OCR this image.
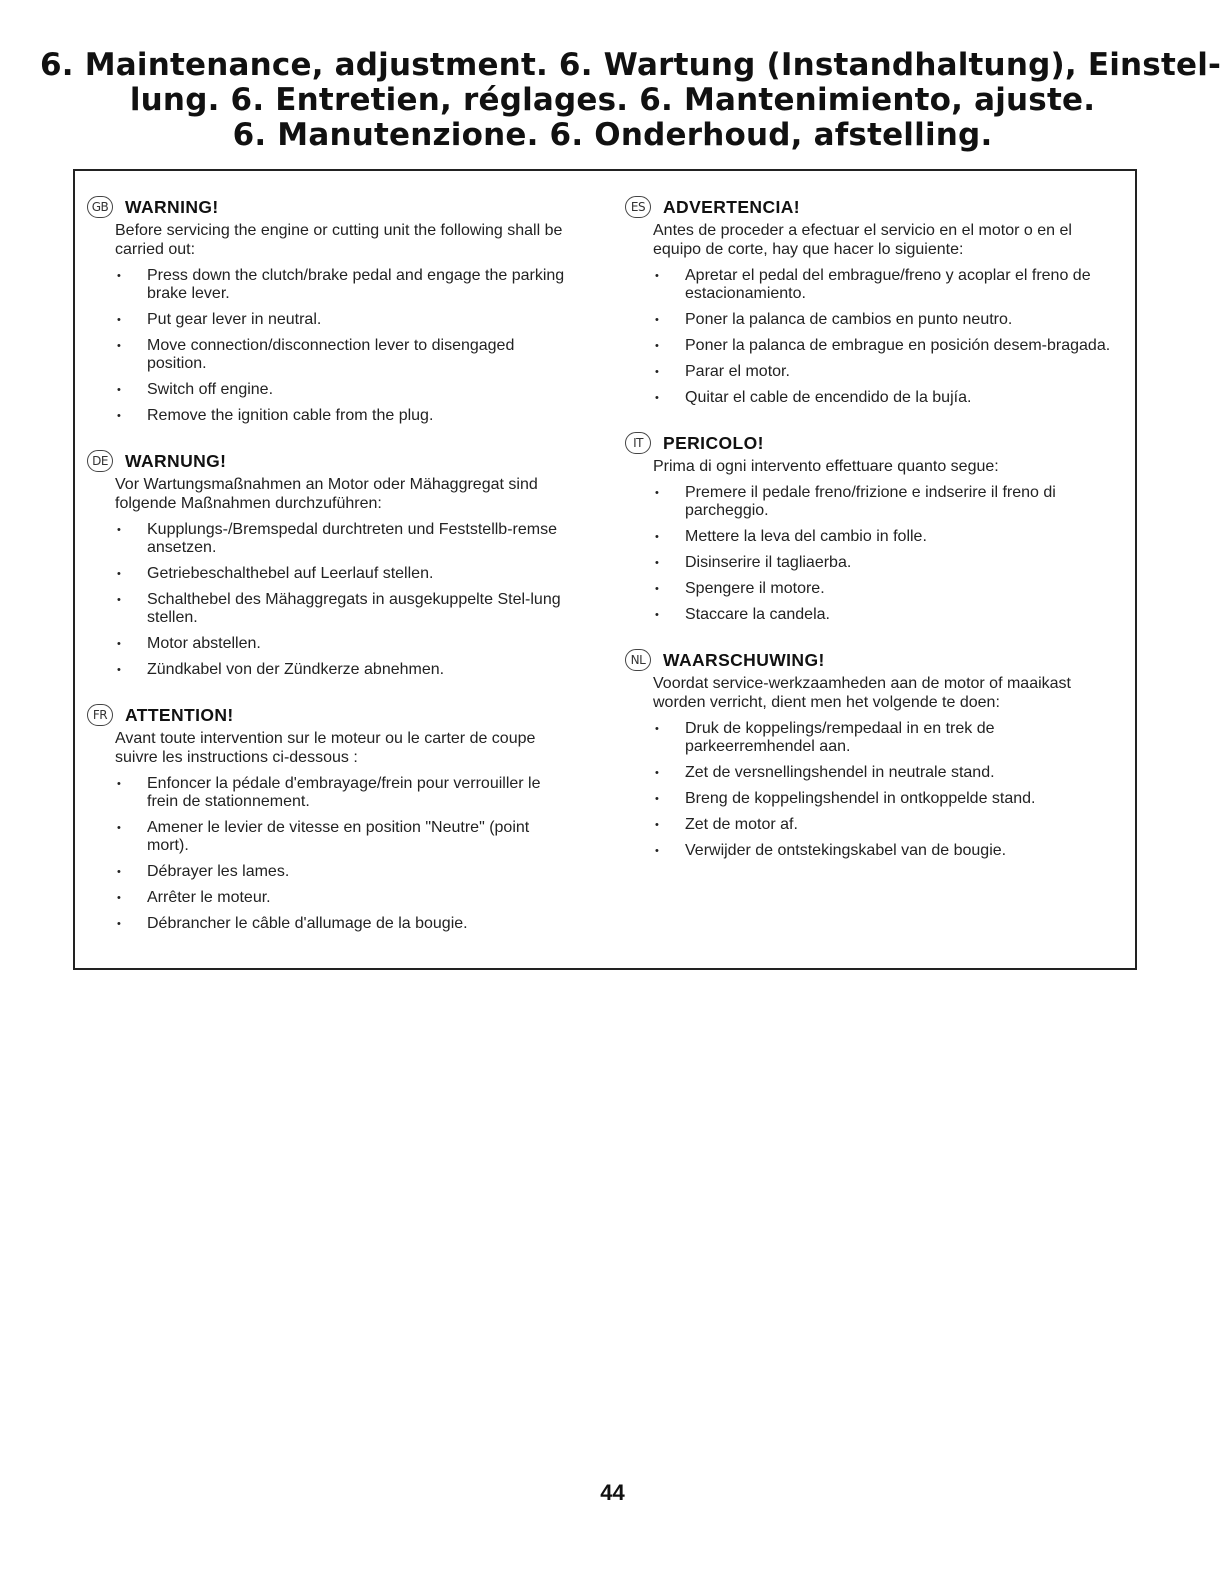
6. Maintenance, adjustment. 6. Wartung (Instandhaltung), Einstel-
lung. 6. Entretien, réglages. 6. Mantenimiento, ajuste.
6. Manutenzione. 6. Onderhoud, afstelling.
GB WARNING!

Before servicing the engine or cutting unit the following shall be carried out:

• Press down the clutch/brake pedal and engage the parking brake lever.
• Put gear lever in neutral.
• Move connection/disconnection lever to disengaged position.
• Switch off engine.
• Remove the ignition cable from the plug.
DE WARNUNG!

Vor Wartungsmaßnahmen an Motor oder Mähaggregat sind folgende Maßnahmen durchzuführen:

• Kupplungs-/Bremspedal durchtreten und Feststellb-remse ansetzen.
• Getriebeschalthebel auf Leerlauf stellen.
• Schalthebel des Mähaggregats in ausgekuppelte Stel-lung stellen.
• Motor abstellen.
• Zündkabel von der Zündkerze abnehmen.
FR	ATTENTION!

Avant toute intervention sur le moteur ou le carter de coupe suivre les instructions ci-dessous :

• Enfoncer la pédale d'embrayage/frein pour verrouiller le frein de stationnement.
• Amener le levier de vitesse en position "Neutre" (point mort).
• Débrayer les lames.
• Arrêter le moteur.
• Débrancher le câble d'allumage de la bougie.
ES	ADVERTENCIA!

Antes de proceder a efectuar el servicio en el motor o en el equipo de corte, hay que hacer lo siguiente:

• Apretar el pedal del embrague/freno y acoplar el freno de estacionamiento.
• Poner la palanca de cambios en punto neutro.
• Poner la palanca de embrague en posición desem-bragada.
• Parar el motor.
• Quitar el cable de encendido de la bujía.
IT	PERICOLO!

Prima di ogni intervento effettuare quanto segue:

• Premere il pedale freno/frizione e indserire il freno di parcheggio.
• Mettere la leva del cambio in folle.
• Disinserire il tagliaerba.
• Spengere il motore.
• Staccare la candela.
NL	WAARSCHUWING!

Voordat service-werkzaamheden aan de motor of maaikast worden verricht, dient men het volgende te doen:

• Druk de koppelings/rempedaal in en trek de parkeerremhendel aan.
• Zet de versnellingshendel in neutrale stand.
• Breng de koppelingshendel in ontkoppelde stand.
• Zet de motor af.
• Verwijder de ontstekingskabel van de bougie.
44
